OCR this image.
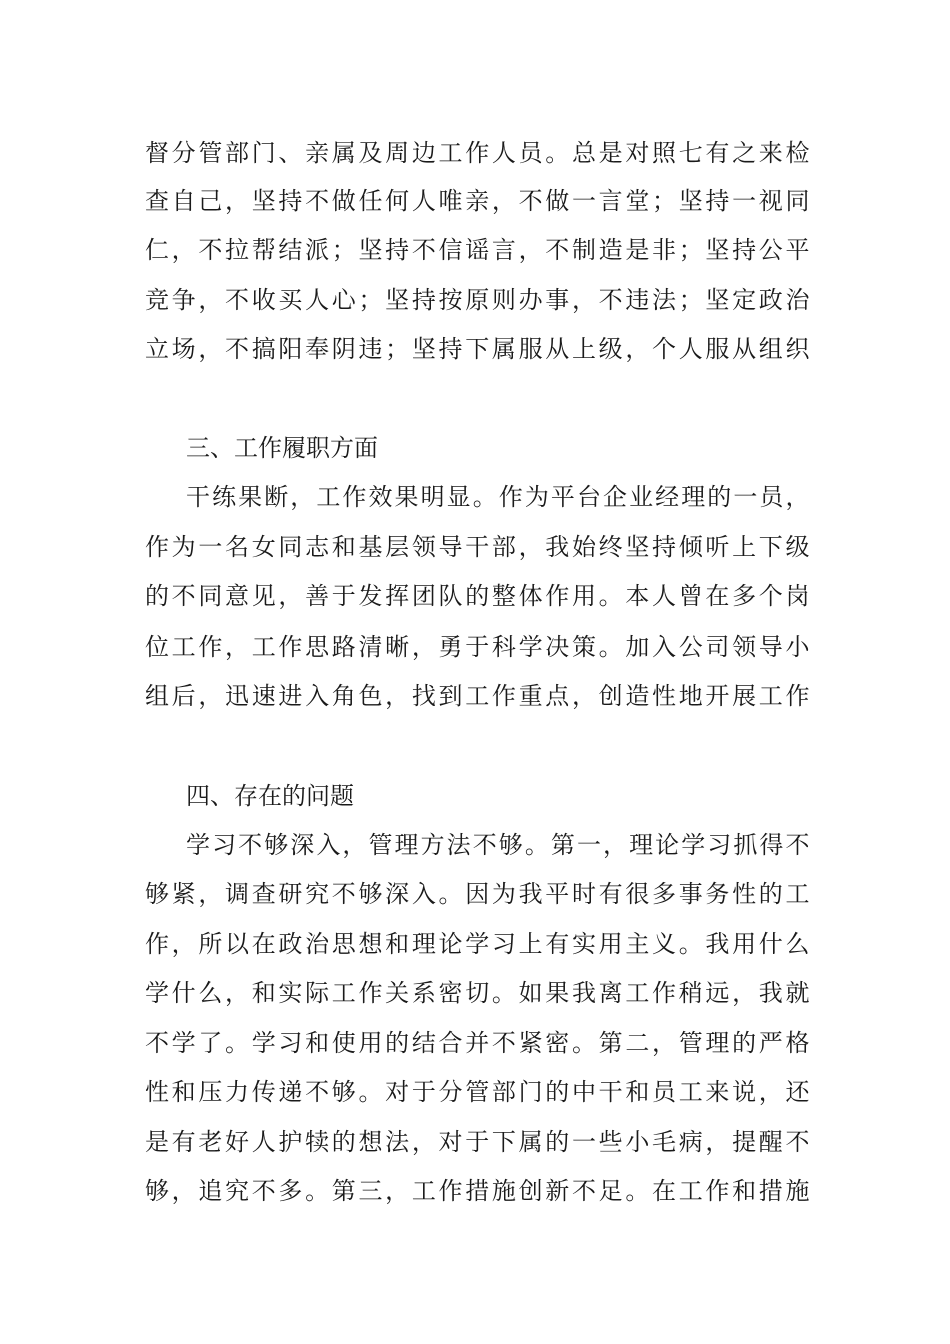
督分管部门、亲属及周边工作人员。总是对照七有之来检
查自己，坚持不做任何人唯亲，不做一言堂；坚持一视同
仁，不拉帮结派；坚持不信谣言，不制造是非；坚持公平
竞争，不收买人心；坚持按原则办事，不违法；坚定政治
立场，不搞阳奉阴违；坚持下属服从上级，个人服从组织
三、工作履职方面
干练果断，工作效果明显。作为平台企业经理的一员，
作为一名女同志和基层领导干部，我始终坚持倾听上下级
的不同意见，善于发挥团队的整体作用。本人曾在多个岗
位工作，工作思路清晰，勇于科学决策。加入公司领导小
组后，迅速进入角色，找到工作重点，创造性地开展工作
四、存在的问题
学习不够深入，管理方法不够。第一，理论学习抓得不
够紧，调查研究不够深入。因为我平时有很多事务性的工
作，所以在政治思想和理论学习上有实用主义。我用什么
学什么，和实际工作关系密切。如果我离工作稍远，我就
不学了。学习和使用的结合并不紧密。第二，管理的严格
性和压力传递不够。对于分管部门的中干和员工来说，还
是有老好人护犊的想法，对于下属的一些小毛病，提醒不
够，追究不多。第三，工作措施创新不足。在工作和措施
